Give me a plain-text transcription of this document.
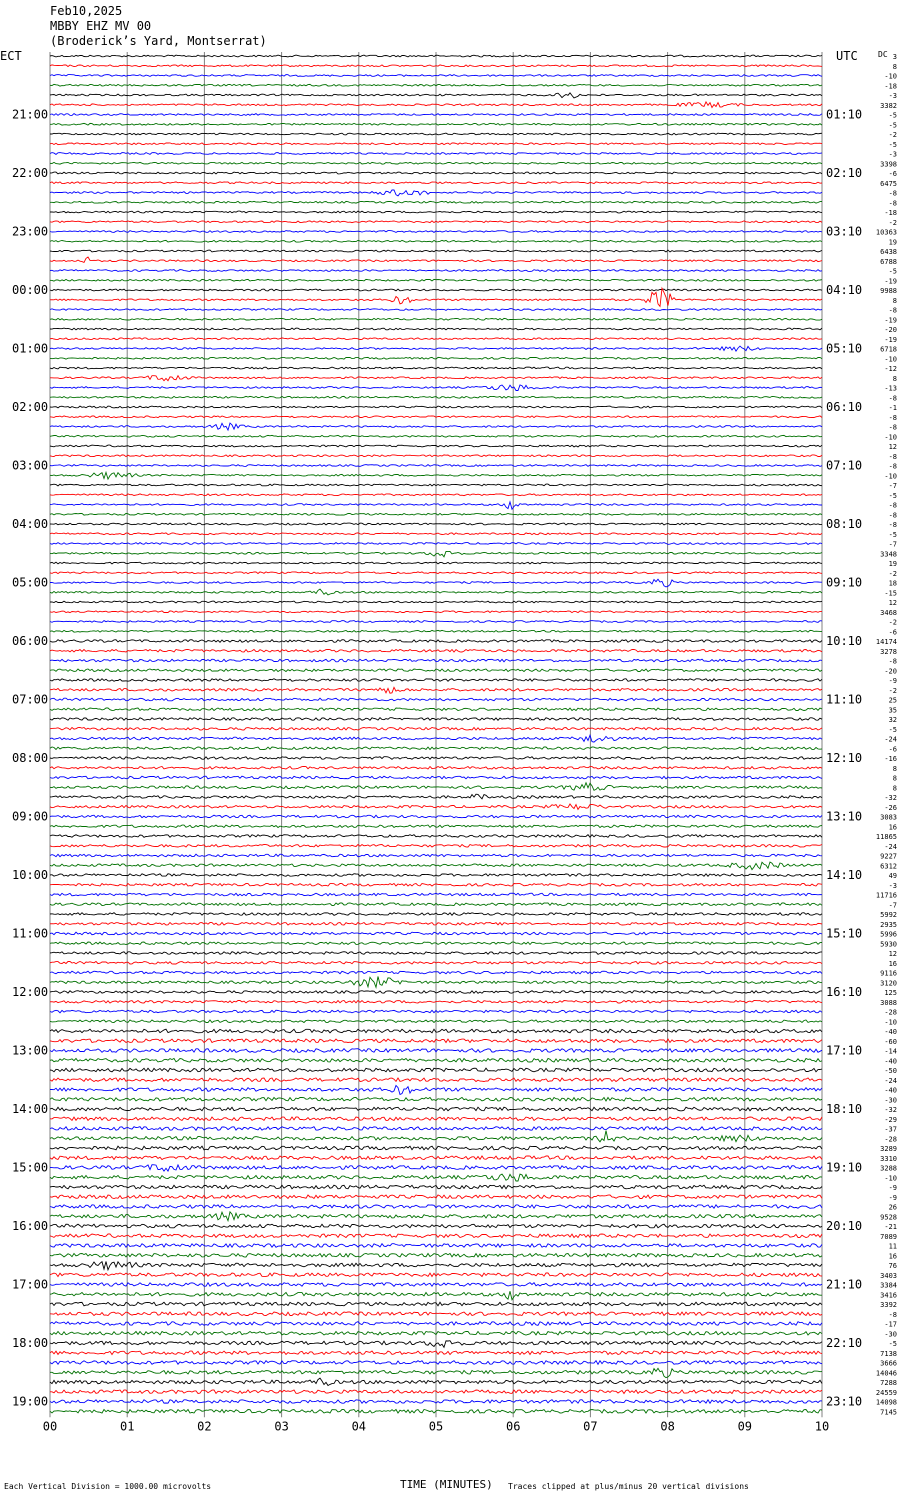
Feb10,2025
MBBY EHZ MV 00
(Broderick’s Yard, Montserrat)
ECT	UTC	DC 3
8
-10
-18
-3
3382
-5
-5
-2
-5
-3
3398
-6
6475
-8
-8
-18
-2
10363
19
6438
6788
-5
-19
9988
8
-8
-19
-20
-19
6718
-10
-12
8
-13
-8
-1
-8
-8
-10
12
-8
-8
-10
-7
-5
-8
-8
-8
-5
-7
3348
19
-2
18
-15
12
3468
-2
-6
14174
3278
-8
-20
-9
-2
25
35
32
-5
-24
-6
-16
8
8
8
-32
-26
3083
16
11865
-24
9227
6312
49
-3
11716
-7
5992
2935
5996
5930
12
16
9116
3120
125
3088
-28
-10
-40
-60
-14
-40
-50
-24
-40
-30
-32
-29
-37
-28
3289
3310
3288
-10
-9
-9
26
9528
-21
7089
11
16
76
3403
3384
3416
3392
-8
-17
-30
-5
7138
3666
14046
7288
24559
14098
7145
21:00
22:00
23:00
00:00
01:00
02:00
03:00
04:00
05:00
06:00
07:00
08:00
09:00
10:00
11:00
12:00
13:00
14:00
15:00
16:00
17:00
18:00
19:00
01:10
02:10
03:10
04:10
05:10
06:10
07:10
08:10
09:10
10:10
11:10
12:10
13:10
14:10
15:10
16:10
17:10
18:10
19:10
20:10
21:10
22:10
23:10
00	01	02	03	04	05	06	07	08	09	10
TIME (MINUTES)
Each Vertical Division = 1000.00 microvolts	Traces clipped at plus/minus 20 vertical divisions
